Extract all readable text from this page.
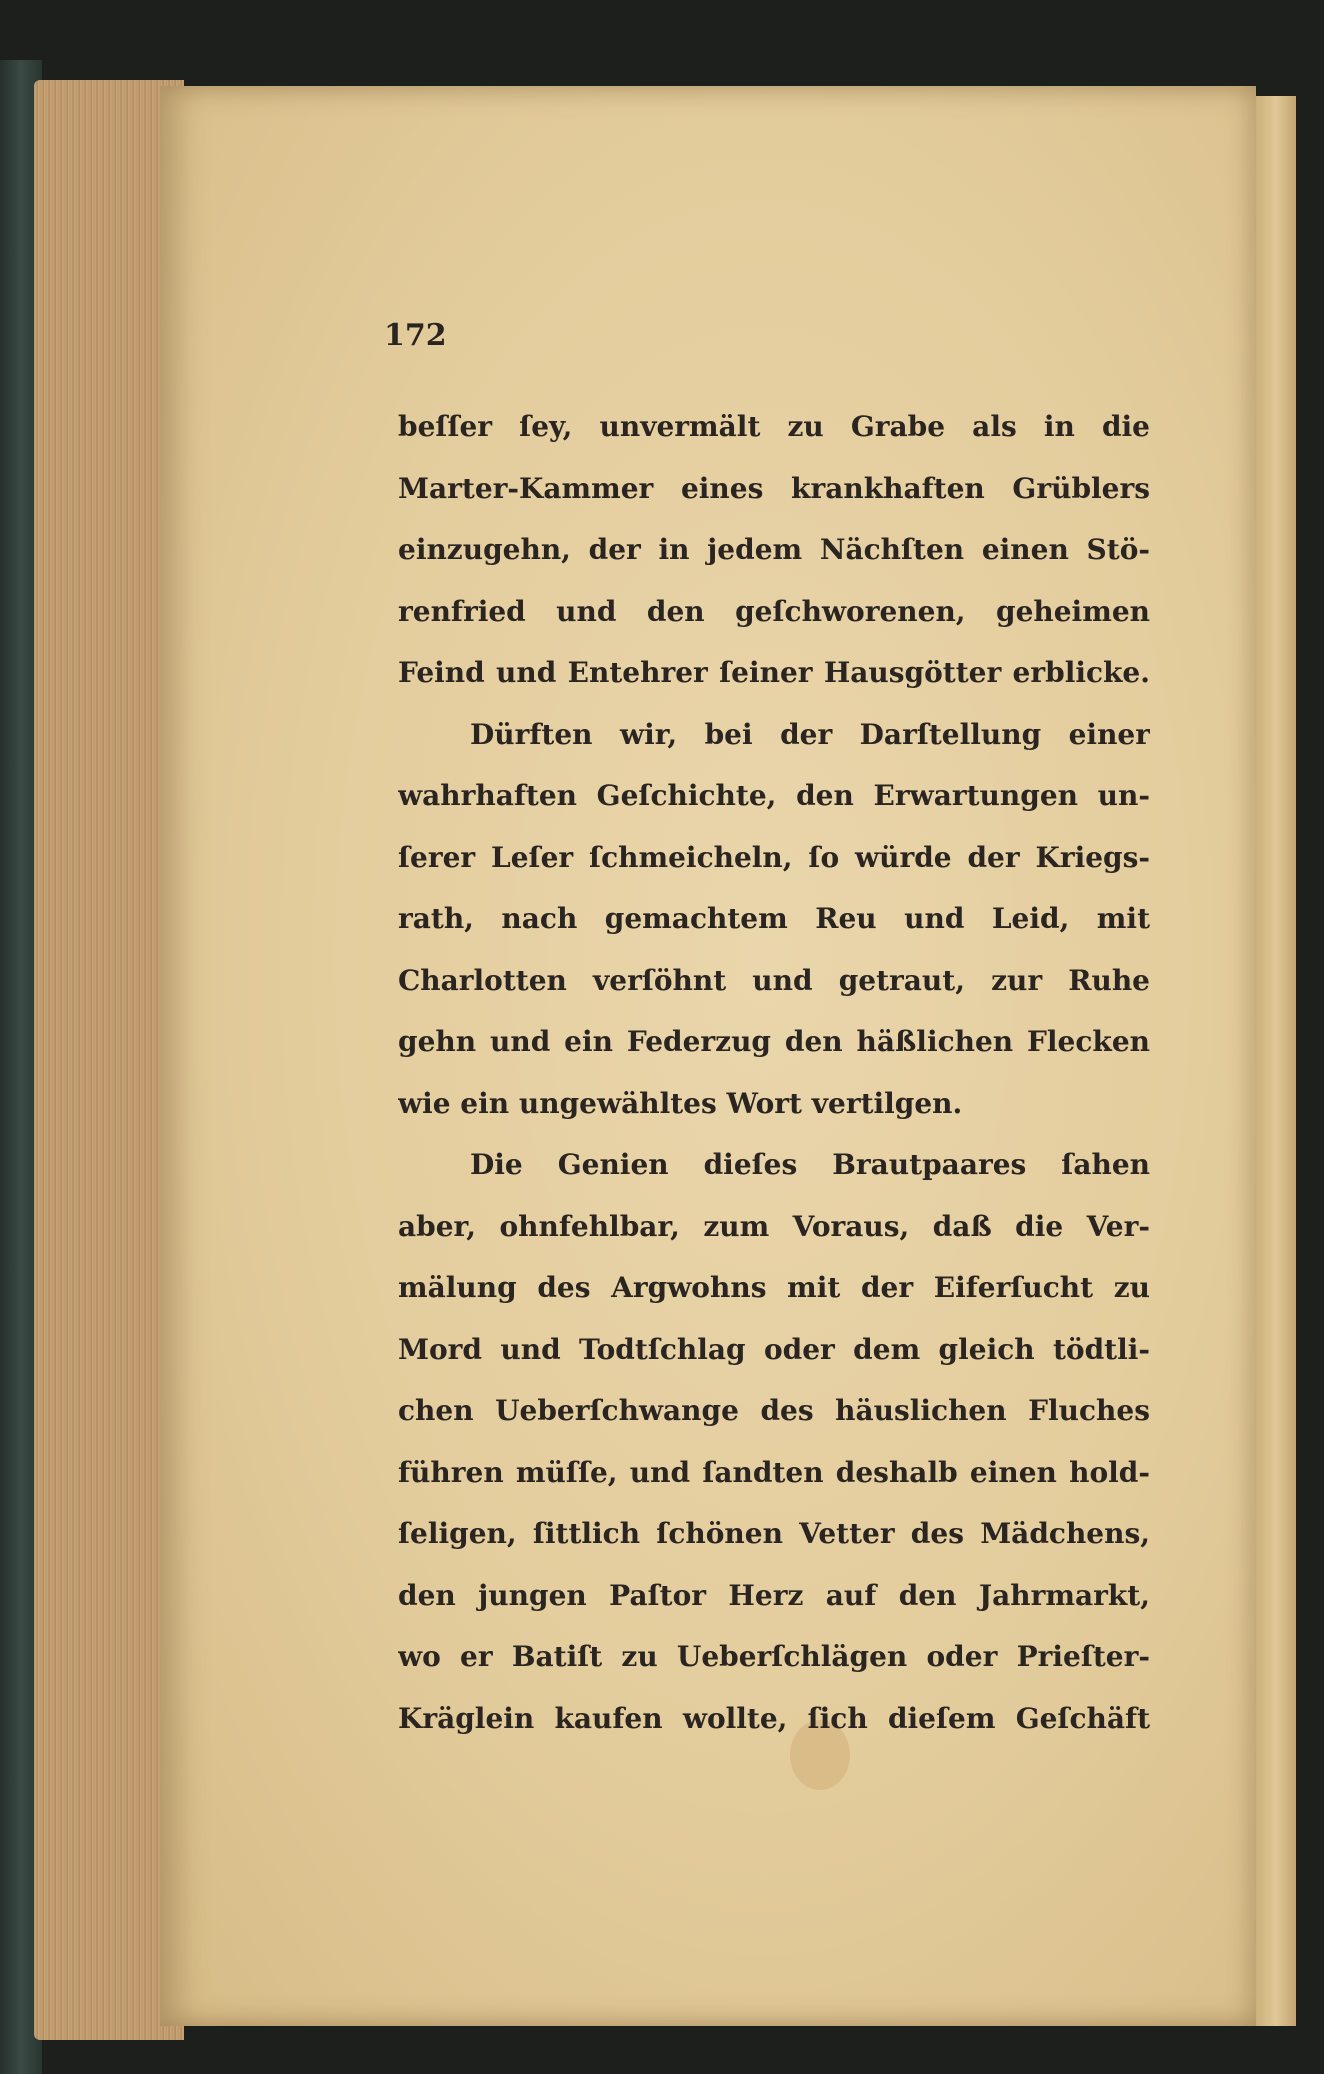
172

beſſer ſey, unvermält zu Grabe als in die
Marter-Kammer eines krankhaften Grüblers
einzugehn, der in jedem Nächſten einen Stö-
renfried und den geſchworenen, geheimen
Feind und Entehrer ſeiner Hausgötter erblicke.
Dürften wir, bei der Darſtellung einer
wahrhaften Geſchichte, den Erwartungen un-
ſerer Leſer ſchmeicheln, ſo würde der Kriegs-
rath, nach gemachtem Reu und Leid, mit
Charlotten verſöhnt und getraut, zur Ruhe
gehn und ein Federzug den häßlichen Flecken
wie ein ungewähltes Wort vertilgen.
Die Genien dieſes Brautpaares ſahen
aber, ohnfehlbar, zum Voraus, daß die Ver-
mälung des Argwohns mit der Eiferſucht zu
Mord und Todtſchlag oder dem gleich tödtli-
chen Ueberſchwange des häuslichen Fluches
führen müſſe, und ſandten deshalb einen hold-
ſeligen, ſittlich ſchönen Vetter des Mädchens,
den jungen Paſtor Herz auf den Jahrmarkt,
wo er Batiſt zu Ueberſchlägen oder Prieſter-
Kräglein kaufen wollte, ſich dieſem Geſchäft
